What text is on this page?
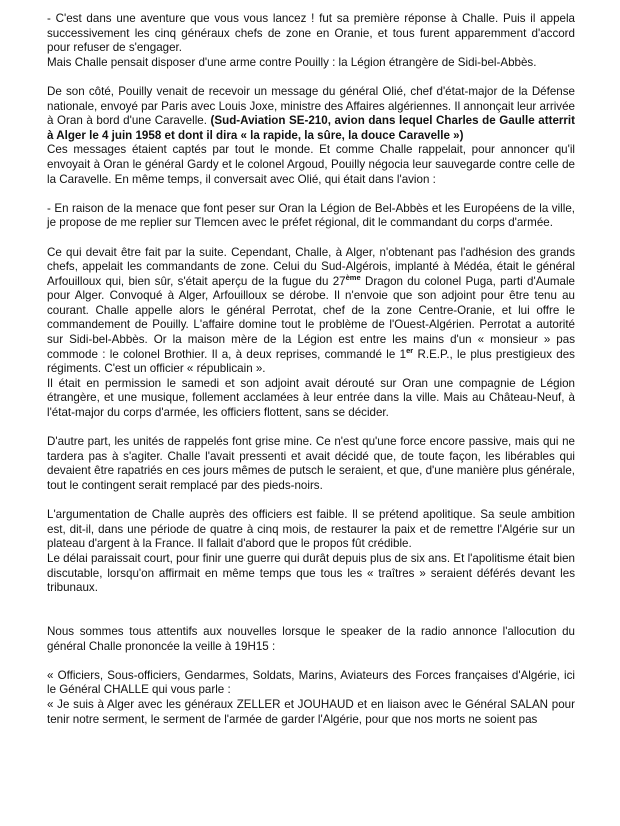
- C'est dans une aventure que vous vous lancez ! fut sa première réponse à Challe. Puis il appela successivement les cinq généraux chefs de zone en Oranie, et tous furent apparemment d'accord pour refuser de s'engager.
Mais Challe pensait disposer d'une arme contre Pouilly : la Légion étrangère de Sidi-bel-Abbès.

De son côté, Pouilly venait de recevoir un message du général Olié, chef d'état-major de la Défense nationale, envoyé par Paris avec Louis Joxe, ministre des Affaires algériennes. Il annonçait leur arrivée à Oran à bord d'une Caravelle. (Sud-Aviation SE-210, avion dans lequel Charles de Gaulle atterrit à Alger le 4 juin 1958 et dont il dira « la rapide, la sûre, la douce Caravelle »)
Ces messages étaient captés par tout le monde. Et comme Challe rappelait, pour annoncer qu'il envoyait à Oran le général Gardy et le colonel Argoud, Pouilly négocia leur sauvegarde contre celle de la Caravelle. En même temps, il conversait avec Olié, qui était dans l'avion :

- En raison de la menace que font peser sur Oran la Légion de Bel-Abbès et les Européens de la ville, je propose de me replier sur Tlemcen avec le préfet régional, dit le commandant du corps d'armée.

Ce qui devait être fait par la suite. Cependant, Challe, à Alger, n'obtenant pas l'adhésion des grands chefs, appelait les commandants de zone. Celui du Sud-Algérois, implanté à Médéa, était le général Arfouilloux qui, bien sûr, s'était aperçu de la fugue du 27ème Dragon du colonel Puga, parti d'Aumale pour Alger. Convoqué à Alger, Arfouilloux se dérobe. Il n'envoie que son adjoint pour être tenu au courant. Challe appelle alors le général Perrotat, chef de la zone Centre-Oranie, et lui offre le commandement de Pouilly. L'affaire domine tout le problème de l'Ouest-Algérien. Perrotat a autorité sur Sidi-bel-Abbès. Or la maison mère de la Légion est entre les mains d'un « monsieur » pas commode : le colonel Brothier. Il a, à deux reprises, commandé le 1er R.E.P., le plus prestigieux des régiments. C'est un officier « républicain ».
Il était en permission le samedi et son adjoint avait dérouté sur Oran une compagnie de Légion étrangère, et une musique, follement acclamées à leur entrée dans la ville. Mais au Château-Neuf, à l'état-major du corps d'armée, les officiers flottent, sans se décider.

D'autre part, les unités de rappelés font grise mine. Ce n'est qu'une force encore passive, mais qui ne tardera pas à s'agiter. Challe l'avait pressenti et avait décidé que, de toute façon, les libérables qui devaient être rapatriés en ces jours mêmes de putsch le seraient, et que, d'une manière plus générale, tout le contingent serait remplacé par des pieds-noirs.

L'argumentation de Challe auprès des officiers est faible. Il se prétend apolitique. Sa seule ambition est, dit-il, dans une période de quatre à cinq mois, de restaurer la paix et de remettre l'Algérie sur un plateau d'argent à la France. Il fallait d'abord que le propos fût crédible.
Le délai paraissait court, pour finir une guerre qui durât depuis plus de six ans. Et l'apolitisme était bien discutable, lorsqu'on affirmait en même temps que tous les « traîtres » seraient déférés devant les tribunaux.

Nous sommes tous attentifs aux nouvelles lorsque le speaker de la radio annonce l'allocution du général Challe prononcée la veille à 19H15 :

« Officiers, Sous-officiers, Gendarmes, Soldats, Marins, Aviateurs des Forces françaises d'Algérie, ici le Général CHALLE qui vous parle :
« Je suis à Alger avec les généraux ZELLER et JOUHAUD et en liaison avec le Général SALAN pour tenir notre serment, le serment de l'armée de garder l'Algérie, pour que nos morts ne soient pas
